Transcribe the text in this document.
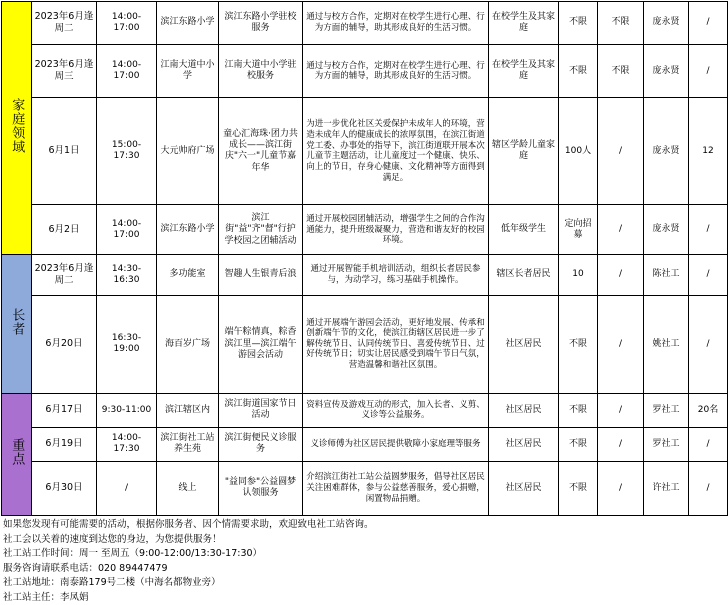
家庭领域	2023年6月逢周二	14:00-17:00	滨江东路小学	滨江东路小学驻校服务	通过与校方合作，定期对在校学生进行心理、行为方面的辅导，助其形成良好的生活习惯。	在校学生及其家庭	不限	不限	庞永贤	/
	2023年6月逢周三	14:00-17:00	江南大道中小学	江南大道中小学驻校服务	通过与校方合作，定期对在校学生进行心理、行为方面的辅导，助其形成良好的生活习惯。	在校学生及其家庭	不限	不限	庞永贤	/
	6月1日	15:00-17:30	大元帅府广场	童心汇海珠·团力共成长——滨江街庆"六一"儿童节嘉年华	为进一步优化社区关爱保护未成年人的环境，营造未成年人的健康成长的浓厚氛围，在滨江街道党工委、办事处的指导下，滨江街道联开展本次儿童节主题活动，让儿童度过一个健康、快乐、向上的节日，存身心健康、文化精神等方面得到满足。	辖区学龄儿童家庭	100人	/	庞永贤	12
	6月2日	14:00-17:00	滨江东路小学	滨江街"益"齐"督"行护学校园之团辅活动	通过开展校园团辅活动，增强学生之间的合作沟通能力，提升班级凝聚力，营造和谐友好的校园环境。	低年级学生	定向招募	/	庞永贤	/
长者	2023年6月逢周二	14:30-16:30	多功能室	智趣人生银青后浪	通过开展智能手机培训活动，组织长者居民参与，为动学习，练习基础手机操作。	辖区长者居民	10	/	陈社工	/
	6月20日	16:30-19:00	海百岁广场	端午粽情真，粽香滨江里—滨江端午游园会活动	通过开展端午游园会活动，更好地发展、传承和创新端午节的文化，使滨江街辖区居民进一步了解传统节日、认同传统节日、喜爱传统节日、过好传统节日；切实让居民感受到端午节日气氛，营造温馨和谐社区氛围。	社区居民	不限	/	姚社工	/
重点	6月17日	9:30-11:00	滨江辖区内	滨江街道国家节日活动	资料宣传及游戏互动的形式，加入长者、义剪、义诊等公益服务。	社区居民	不限	/	罗社工	20名
	6月19日	14:00-17:30	滨江街社工站养生苑	滨江街便民义诊服务	义诊师傅为社区居民提供敬障小家庭理等服务	社区居民	不限	/	罗社工	/
	6月30日	/	线上	"益同参"公益圆梦认领服务	介绍滨江街社工站公益圆梦服务，倡导社区居民关注困难群体，参与公益慈善服务，爱心捐赠，闲置物品捐赠。	社区居民	不限	/	许社工	/
如果您发现有可能需要的活动，根据你服务者、因个情需要求助，欢迎致电社工站咨询。
社工会以关着的速度到达您的身边，为您提供服务！
社工站工作时间：周一 至周五（9:00-12:00/13:30-17:30）
服务咨询请联系电话：020 89447479
社工站地址：南泰路179号二楼（中海名都物业旁）
社工站主任：李凤娟
